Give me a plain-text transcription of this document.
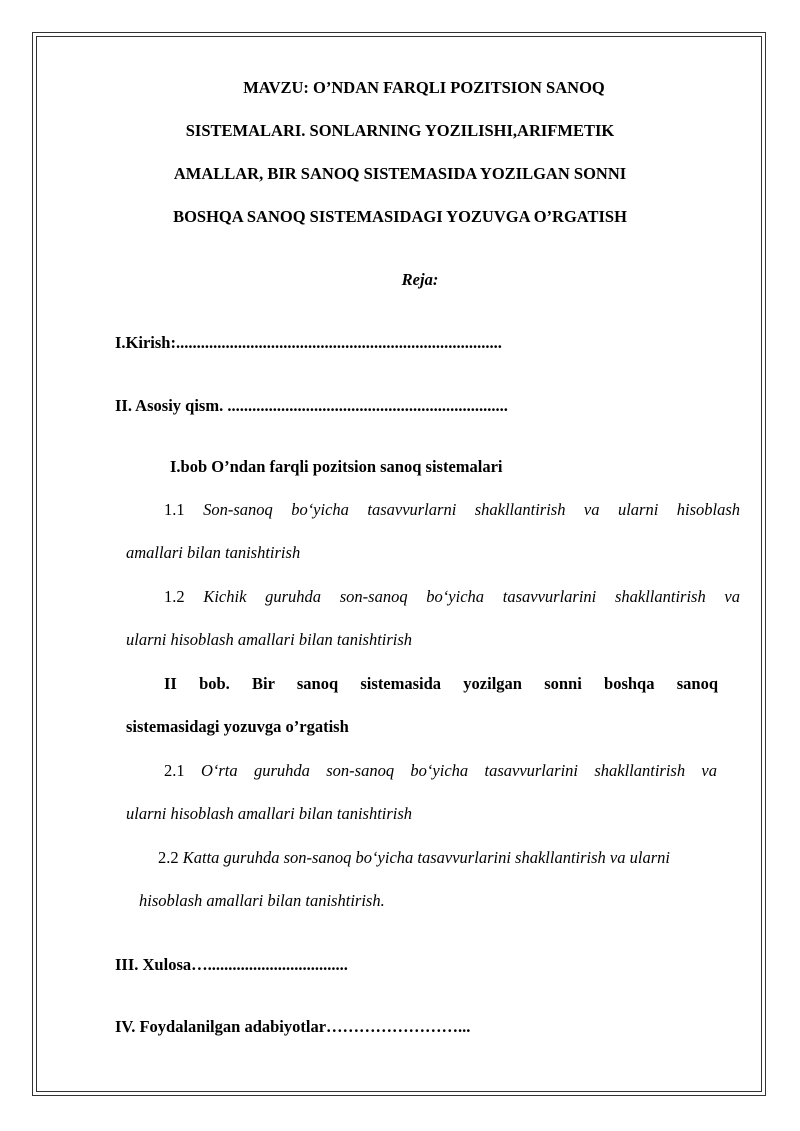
MAVZU: O’NDAN FARQLI POZITSION SANOQ
SISTEMALARI. SONLARNING YOZILISHI,ARIFMETIK
AMALLAR, BIR SANOQ SISTEMASIDA YOZILGAN SONNI
BOSHQA SANOQ SISTEMASIDAGI YOZUVGA O’RGATISH
Reja:
I.Kirish:...............................................................................
II. Asosiy qism. ....................................................................
I.bob O’ndan farqli pozitsion sanoq sistemalari
1.1 Son-sanoq bo‘yicha tasavvurlarni shakllantirish va ularni hisoblash
amallari bilan tanishtirish
1.2 Kichik guruhda son-sanoq bo‘yicha tasavvurlarini shakllantirish va
ularni hisoblash amallari bilan tanishtirish
II bob. Bir sanoq sistemasida yozilgan sonni boshqa sanoq
sistemasidagi yozuvga o’rgatish
2.1 O‘rta guruhda son-sanoq bo‘yicha tasavvurlarini shakllantirish va
ularni hisoblash amallari bilan tanishtirish
2.2 Katta guruhda son-sanoq bo‘yicha tasavvurlarini shakllantirish va ularni
hisoblash amallari bilan tanishtirish.
III. Xulosa…..................................
IV. Foydalanilgan adabiyotlar……………………...
